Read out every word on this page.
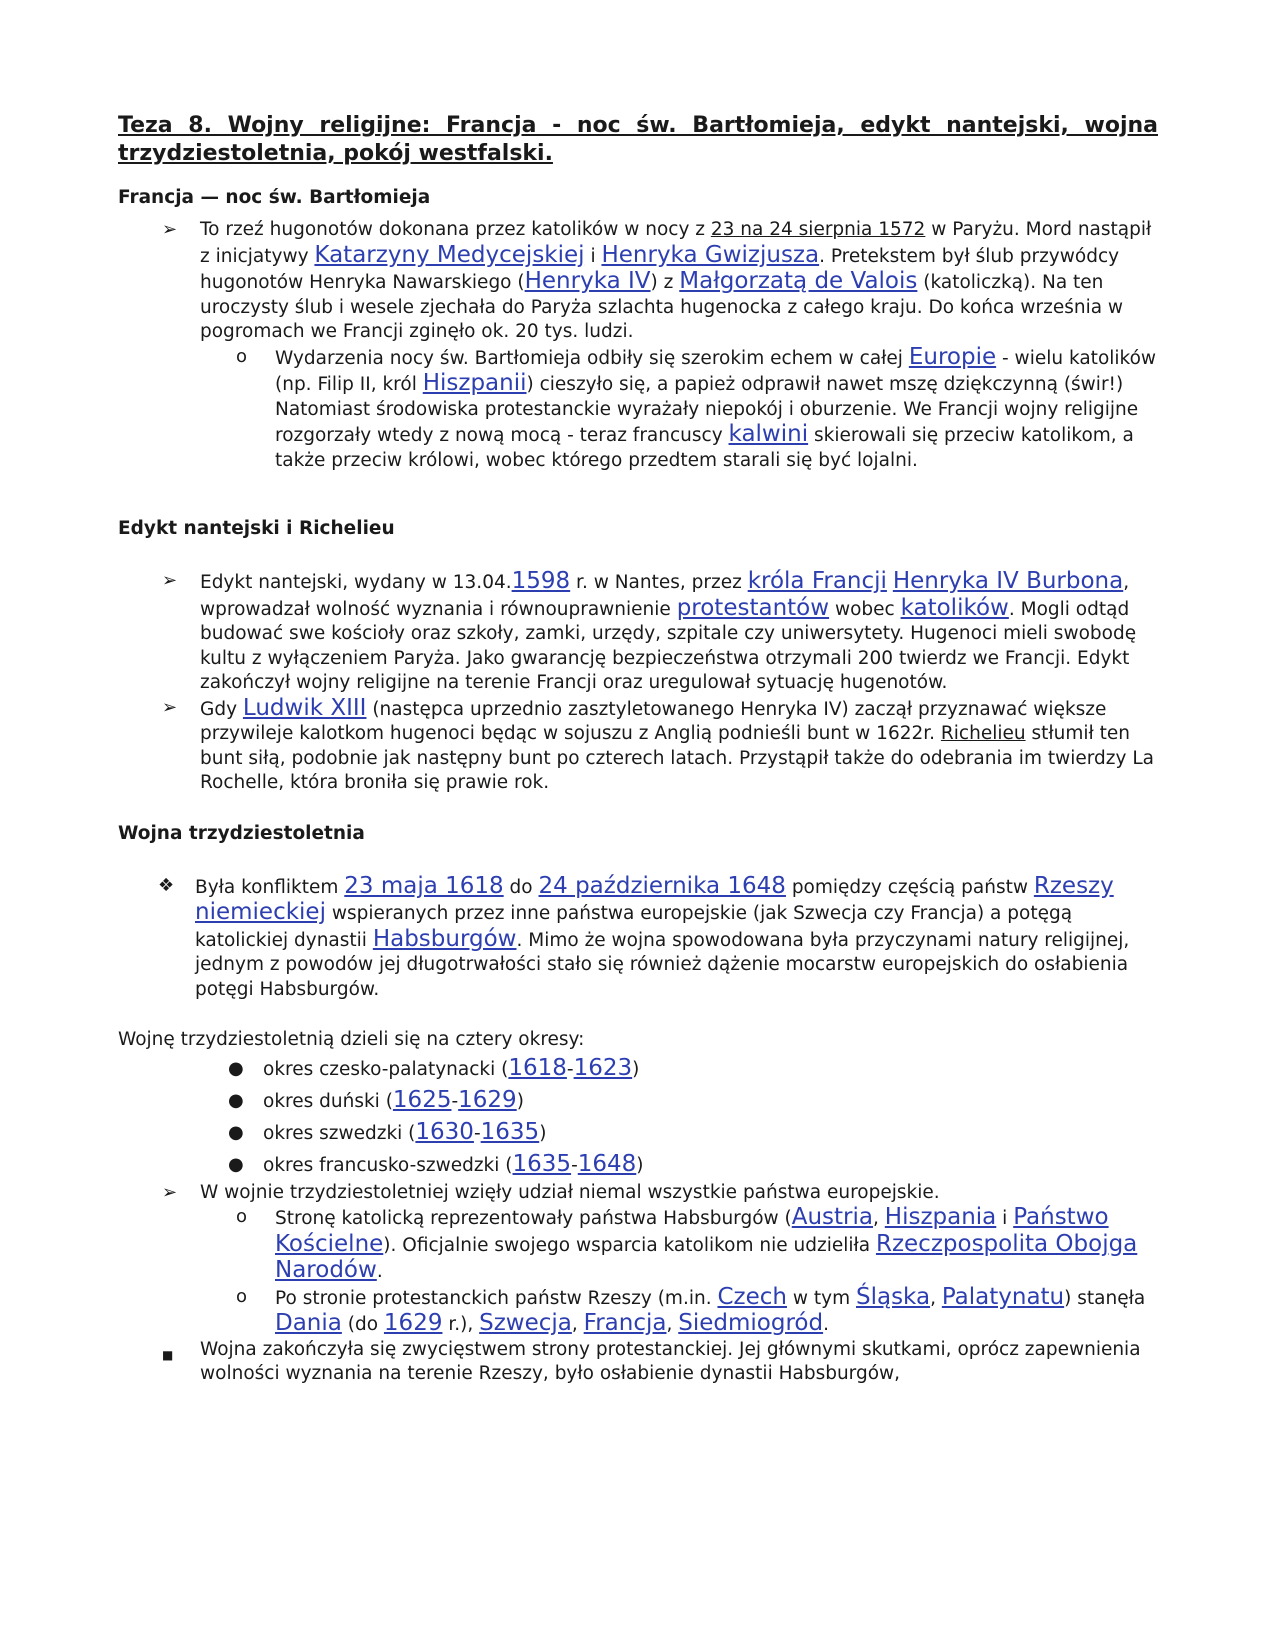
Teza 8. Wojny religijne: Francja - noc św. Bartłomieja, edykt nantejski, wojna trzydziestoletnia, pokój westfalski.
Francja — noc św. Bartłomieja
➢ To rzeź hugonotów dokonana przez katolików w nocy z 23 na 24 sierpnia 1572 w Paryżu. Mord nastąpił z inicjatywy Katarzyny Medycejskiej i Henryka Gwizjusza. Pretekstem był ślub przywódcy hugonotów Henryka Nawarskiego (Henryka IV) z Małgorzatą de Valois (katoliczką). Na ten uroczysty ślub i wesele zjechała do Paryża szlachta hugenocka z całego kraju. Do końca września w pogromach we Francji zginęło ok. 20 tys. ludzi.
o Wydarzenia nocy św. Bartłomieja odbiły się szerokim echem w całej Europie - wielu katolików (np. Filip II, król Hiszpanii) cieszyło się, a papież odprawił nawet mszę dziękczynną (świr!) Natomiast środowiska protestanckie wyrażały niepokój i oburzenie. We Francji wojny religijne rozgorzały wtedy z nową mocą - teraz francuscy kalwini skierowali się przeciw katolikom, a także przeciw królowi, wobec którego przedtem starali się być lojalni.
Edykt nantejski i Richelieu
➢ Edykt nantejski, wydany w 13.04.1598 r. w Nantes, przez króla Francji Henryka IV Burbona, wprowadzał wolność wyznania i równouprawnienie protestantów wobec katolików. Mogli odtąd budować swe kościoły oraz szkoły, zamki, urzędy, szpitale czy uniwersytety. Hugenoci mieli swobodę kultu z wyłączeniem Paryża. Jako gwarancję bezpieczeństwa otrzymali 200 twierdz we Francji. Edykt zakończył wojny religijne na terenie Francji oraz uregulował sytuację hugenotów.
➢ Gdy Ludwik XIII (następca uprzednio zasztyletowanego Henryka IV) zaczął przyznawać większe przywileje kalotkom hugenoci będąc w sojuszu z Anglią podnieśli bunt w 1622r. Richelieu stłumił ten bunt siłą, podobnie jak następny bunt po czterech latach. Przystąpił także do odebrania im twierdzy La Rochelle, która broniła się prawie rok.
Wojna trzydziestoletnia
❖ Była konfliktem 23 maja 1618 do 24 października 1648 pomiędzy częścią państw Rzeszy niemieckiej wspieranych przez inne państwa europejskie (jak Szwecja czy Francja) a potęgą katolickiej dynastii Habsburgów. Mimo że wojna spowodowana była przyczynami natury religijnej, jednym z powodów jej długotrwałości stało się również dążenie mocarstw europejskich do osłabienia potęgi Habsburgów.

Wojnę trzydziestoletnią dzieli się na cztery okresy:

● okres czesko-palatynacki (1618-1623)
● okres duński (1625-1629)
● okres szwedzki (1630-1635)
● okres francusko-szwedzki (1635-1648)
➢ W wojnie trzydziestoletniej wzięły udział niemal wszystkie państwa europejskie.
o Stronę katolicką reprezentowały państwa Habsburgów (Austria, Hiszpania i Państwo Kościelne). Oficjalnie swojego wsparcia katolikom nie udzieliła Rzeczpospolita Obojga Narodów.
o Po stronie protestanckich państw Rzeszy (m.in. Czech w tym Śląska, Palatynatu) stanęła Dania (do 1629 r.), Szwecja, Francja, Siedmiogród.
■ Wojna zakończyła się zwycięstwem strony protestanckiej. Jej głównymi skutkami, oprócz zapewnienia wolności wyznania na terenie Rzeszy, było osłabienie dynastii Habsburgów,
